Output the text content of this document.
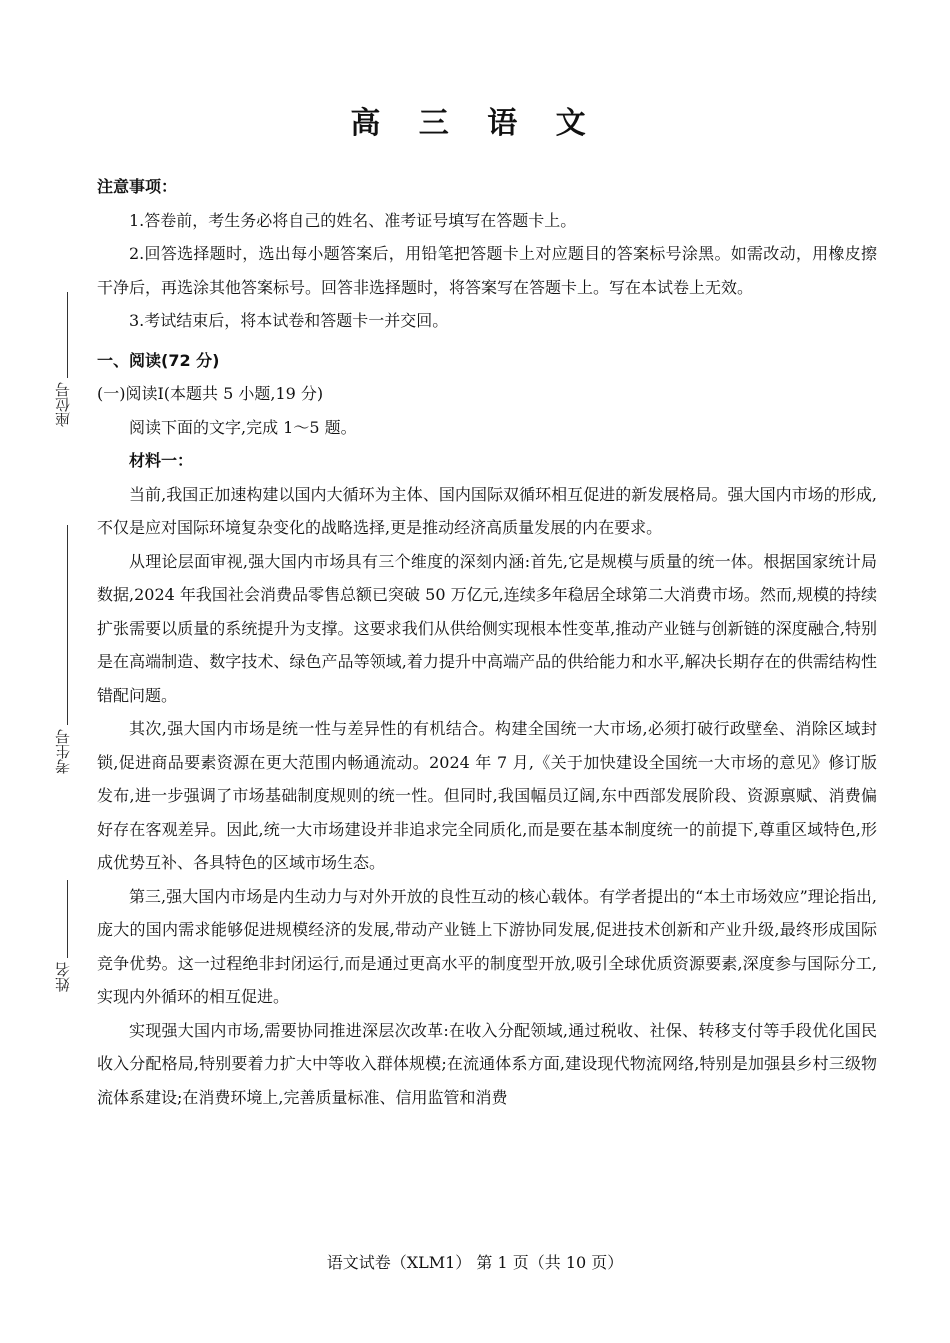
高 三 语 文
座位号
考生号
姓名

注意事项：

1.答卷前，考生务必将自己的姓名、准考证号填写在答题卡上。

2.回答选择题时，选出每小题答案后，用铅笔把答题卡上对应题目的答案标号涂黑。如需改动，用橡皮擦干净后，再选涂其他答案标号。回答非选择题时，将答案写在答题卡上。写在本试卷上无效。

3.考试结束后，将本试卷和答题卡一并交回。

一、阅读(72 分)

(一)阅读Ⅰ(本题共 5 小题,19 分)

阅读下面的文字,完成 1～5 题。

材料一：

当前,我国正加速构建以国内大循环为主体、国内国际双循环相互促进的新发展格局。强大国内市场的形成,不仅是应对国际环境复杂变化的战略选择,更是推动经济高质量发展的内在要求。

从理论层面审视,强大国内市场具有三个维度的深刻内涵:首先,它是规模与质量的统一体。根据国家统计局数据,2024 年我国社会消费品零售总额已突破 50 万亿元,连续多年稳居全球第二大消费市场。然而,规模的持续扩张需要以质量的系统提升为支撑。这要求我们从供给侧实现根本性变革,推动产业链与创新链的深度融合,特别是在高端制造、数字技术、绿色产品等领域,着力提升中高端产品的供给能力和水平,解决长期存在的供需结构性错配问题。

其次,强大国内市场是统一性与差异性的有机结合。构建全国统一大市场,必须打破行政壁垒、消除区域封锁,促进商品要素资源在更大范围内畅通流动。2024 年 7 月,《关于加快建设全国统一大市场的意见》修订版发布,进一步强调了市场基础制度规则的统一性。但同时,我国幅员辽阔,东中西部发展阶段、资源禀赋、消费偏好存在客观差异。因此,统一大市场建设并非追求完全同质化,而是要在基本制度统一的前提下,尊重区域特色,形成优势互补、各具特色的区域市场生态。

第三,强大国内市场是内生动力与对外开放的良性互动的核心载体。有学者提出的“本土市场效应”理论指出,庞大的国内需求能够促进规模经济的发展,带动产业链上下游协同发展,促进技术创新和产业升级,最终形成国际竞争优势。这一过程绝非封闭运行,而是通过更高水平的制度型开放,吸引全球优质资源要素,深度参与国际分工,实现内外循环的相互促进。

实现强大国内市场,需要协同推进深层次改革:在收入分配领域,通过税收、社保、转移支付等手段优化国民收入分配格局,特别要着力扩大中等收入群体规模;在流通体系方面,建设现代物流网络,特别是加强县乡村三级物流体系建设;在消费环境上,完善质量标准、信用监管和消费

语文试卷（XLM1） 第 1 页（共 10 页）
